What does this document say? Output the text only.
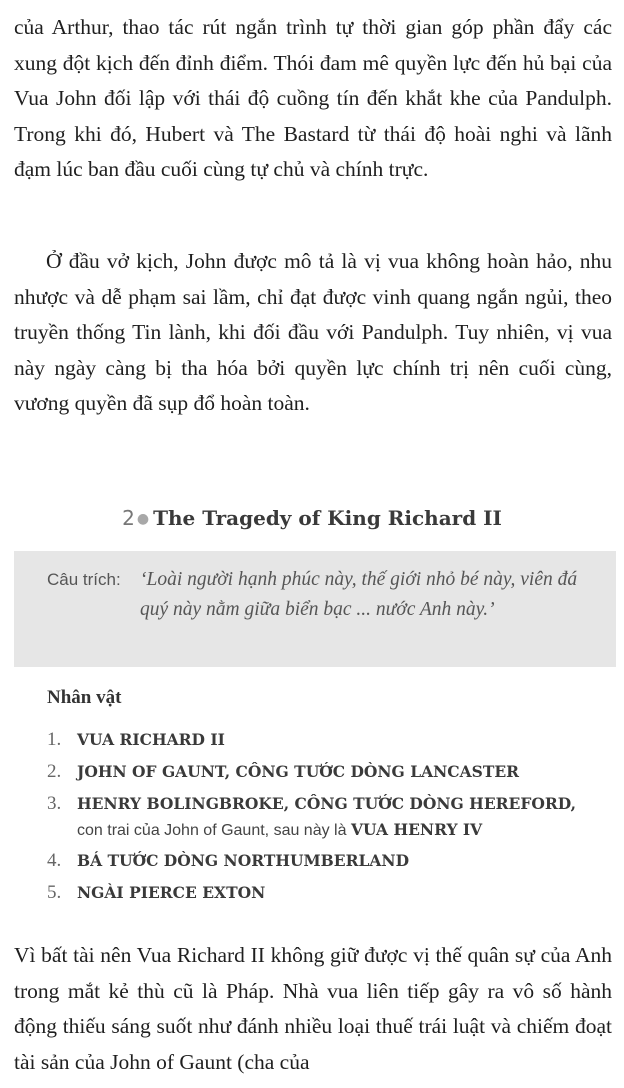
của Arthur, thao tác rút ngắn trình tự thời gian góp phần đẩy các xung đột kịch đến đỉnh điểm. Thói đam mê quyền lực đến hủ bại của Vua John đối lập với thái độ cuồng tín đến khắt khe của Pandulph. Trong khi đó, Hubert và The Bastard từ thái độ hoài nghi và lãnh đạm lúc ban đầu cuối cùng tự chủ và chính trực.

Ở đầu vở kịch, John được mô tả là vị vua không hoàn hảo, nhu nhược và dễ phạm sai lầm, chỉ đạt được vinh quang ngắn ngủi, theo truyền thống Tin lành, khi đối đầu với Pandulph. Tuy nhiên, vị vua này ngày càng bị tha hóa bởi quyền lực chính trị nên cuối cùng, vương quyền đã sụp đổ hoàn toàn.

2 ● The Tragedy of King Richard II
Câu trích: ‘Loài người hạnh phúc này, thế giới nhỏ bé này, viên đá quý này nằm giữa biển bạc ... nước Anh này.’
Nhân vật
1. VUA RICHARD II
2. JOHN OF GAUNT, CÔNG TƯỚC DÒNG LANCASTER
3. HENRY BOLINGBROKE, CÔNG TƯỚC DÒNG HEREFORD,
con trai của John of Gaunt, sau này là VUA HENRY IV
4. BÁ TƯỚC DÒNG NORTHUMBERLAND
5. NGÀI PIERCE EXTON

Vì bất tài nên Vua Richard II không giữ được vị thế quân sự của Anh trong mắt kẻ thù cũ là Pháp. Nhà vua liên tiếp gây ra vô số hành động thiếu sáng suốt như đánh nhiều loại thuế trái luật và chiếm đoạt tài sản của John of Gaunt (cha của
